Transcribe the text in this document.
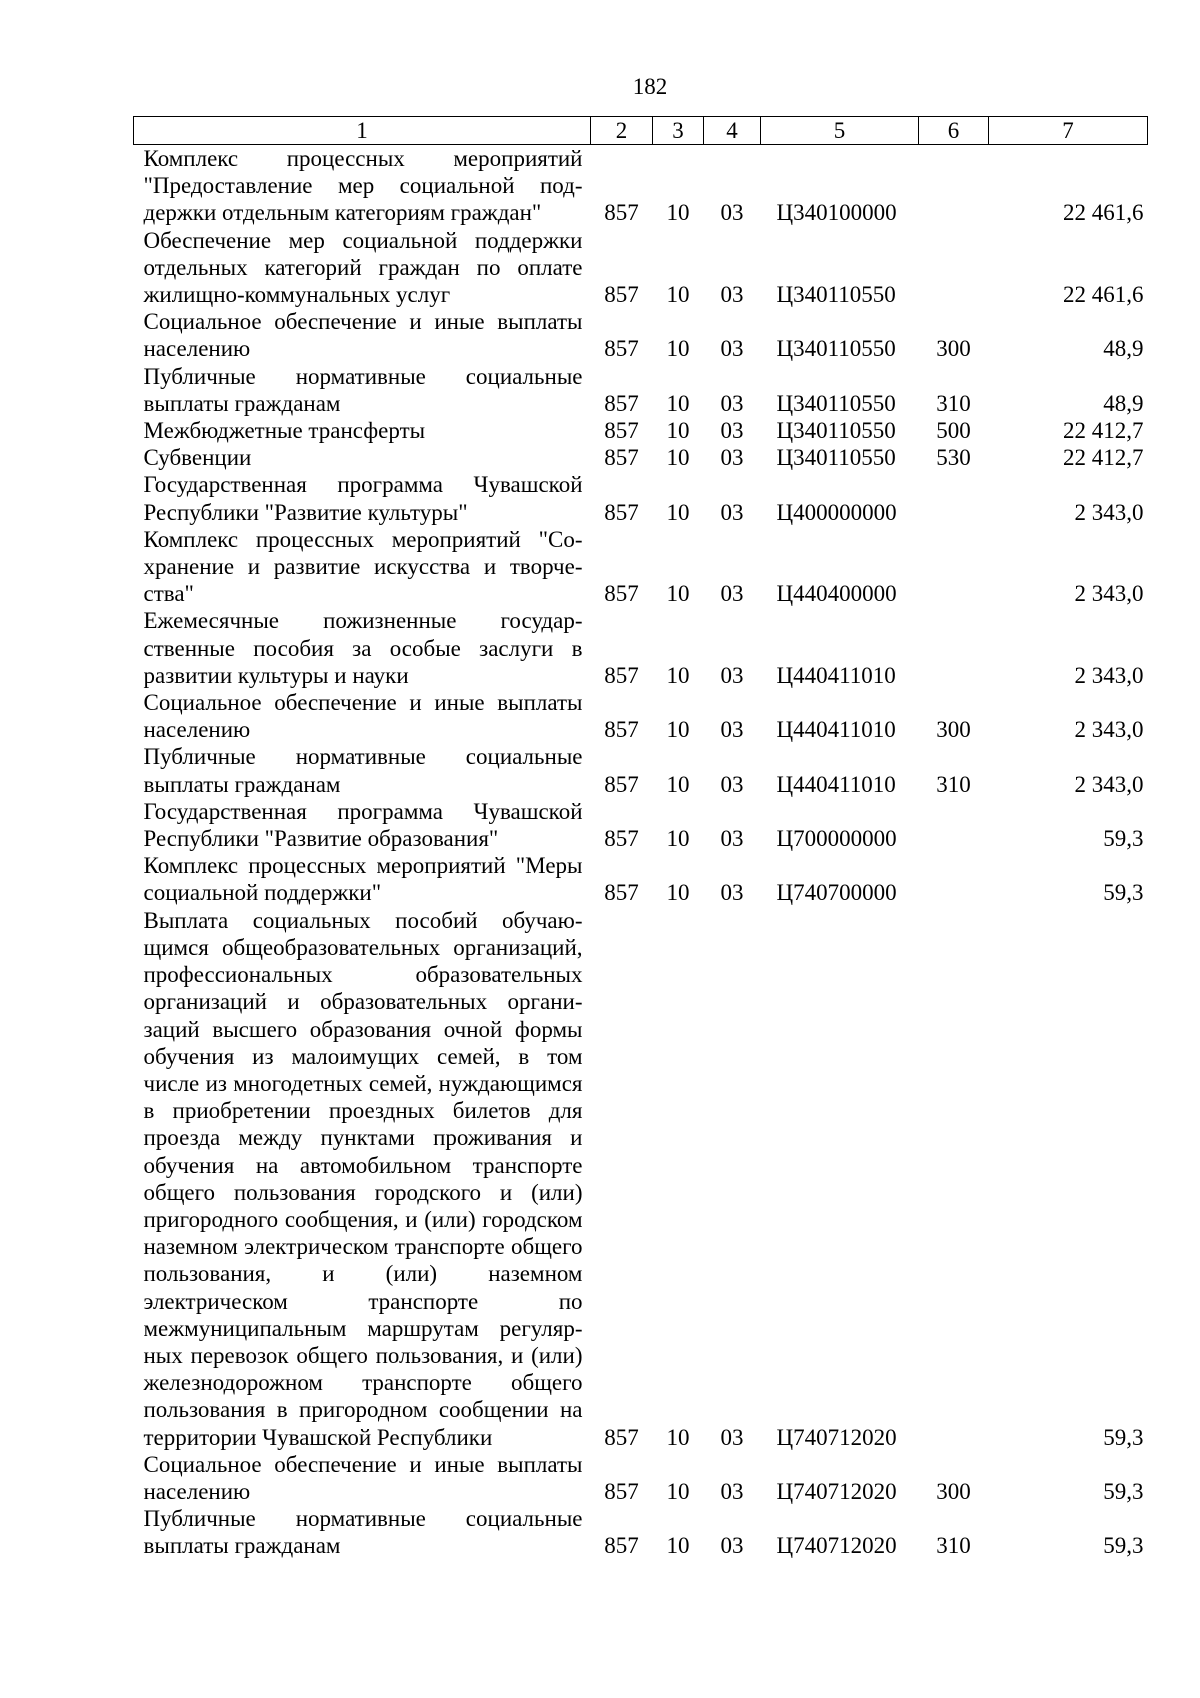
182
1	2	3	4	5	6	7
Комплекс процессных мероприятий "Предоставление мер социальной поддержки отдельным категориям граждан"	857	10	03	Ц340100000		22 461,6
Обеспечение мер социальной поддержки отдельных категорий граждан по оплате жилищно-коммунальных услуг	857	10	03	Ц340110550		22 461,6
Социальное обеспечение и иные выплаты населению	857	10	03	Ц340110550	300	48,9
Публичные нормативные социальные выплаты гражданам	857	10	03	Ц340110550	310	48,9
Межбюджетные трансферты	857	10	03	Ц340110550	500	22 412,7
Субвенции	857	10	03	Ц340110550	530	22 412,7
Государственная программа Чувашской Республики "Развитие культуры"	857	10	03	Ц400000000		2 343,0
Комплекс процессных мероприятий "Сохранение и развитие искусства и творчества"	857	10	03	Ц440400000		2 343,0
Ежемесячные пожизненные государственные пособия за особые заслуги в развитии культуры и науки	857	10	03	Ц440411010		2 343,0
Социальное обеспечение и иные выплаты населению	857	10	03	Ц440411010	300	2 343,0
Публичные нормативные социальные выплаты гражданам	857	10	03	Ц440411010	310	2 343,0
Государственная программа Чувашской Республики "Развитие образования"	857	10	03	Ц700000000		59,3
Комплекс процессных мероприятий "Меры социальной поддержки"	857	10	03	Ц740700000		59,3
Выплата социальных пособий обучающимся общеобразовательных организаций, профессиональных образовательных организаций и образовательных организаций высшего образования очной формы обучения из малоимущих семей, в том числе из многодетных семей, нуждающимся в приобретении проездных билетов для проезда между пунктами проживания и обучения на автомобильном транспорте общего пользования городского и (или) пригородного сообщения, и (или) городском наземном электрическом транспорте общего пользования, и (или) наземном электрическом транспорте по межмуниципальным маршрутам регулярных перевозок общего пользования, и (или) железнодорожном транспорте общего пользования в пригородном сообщении на территории Чувашской Республики	857	10	03	Ц740712020		59,3
Социальное обеспечение и иные выплаты населению	857	10	03	Ц740712020	300	59,3
Публичные нормативные социальные выплаты гражданам	857	10	03	Ц740712020	310	59,3
